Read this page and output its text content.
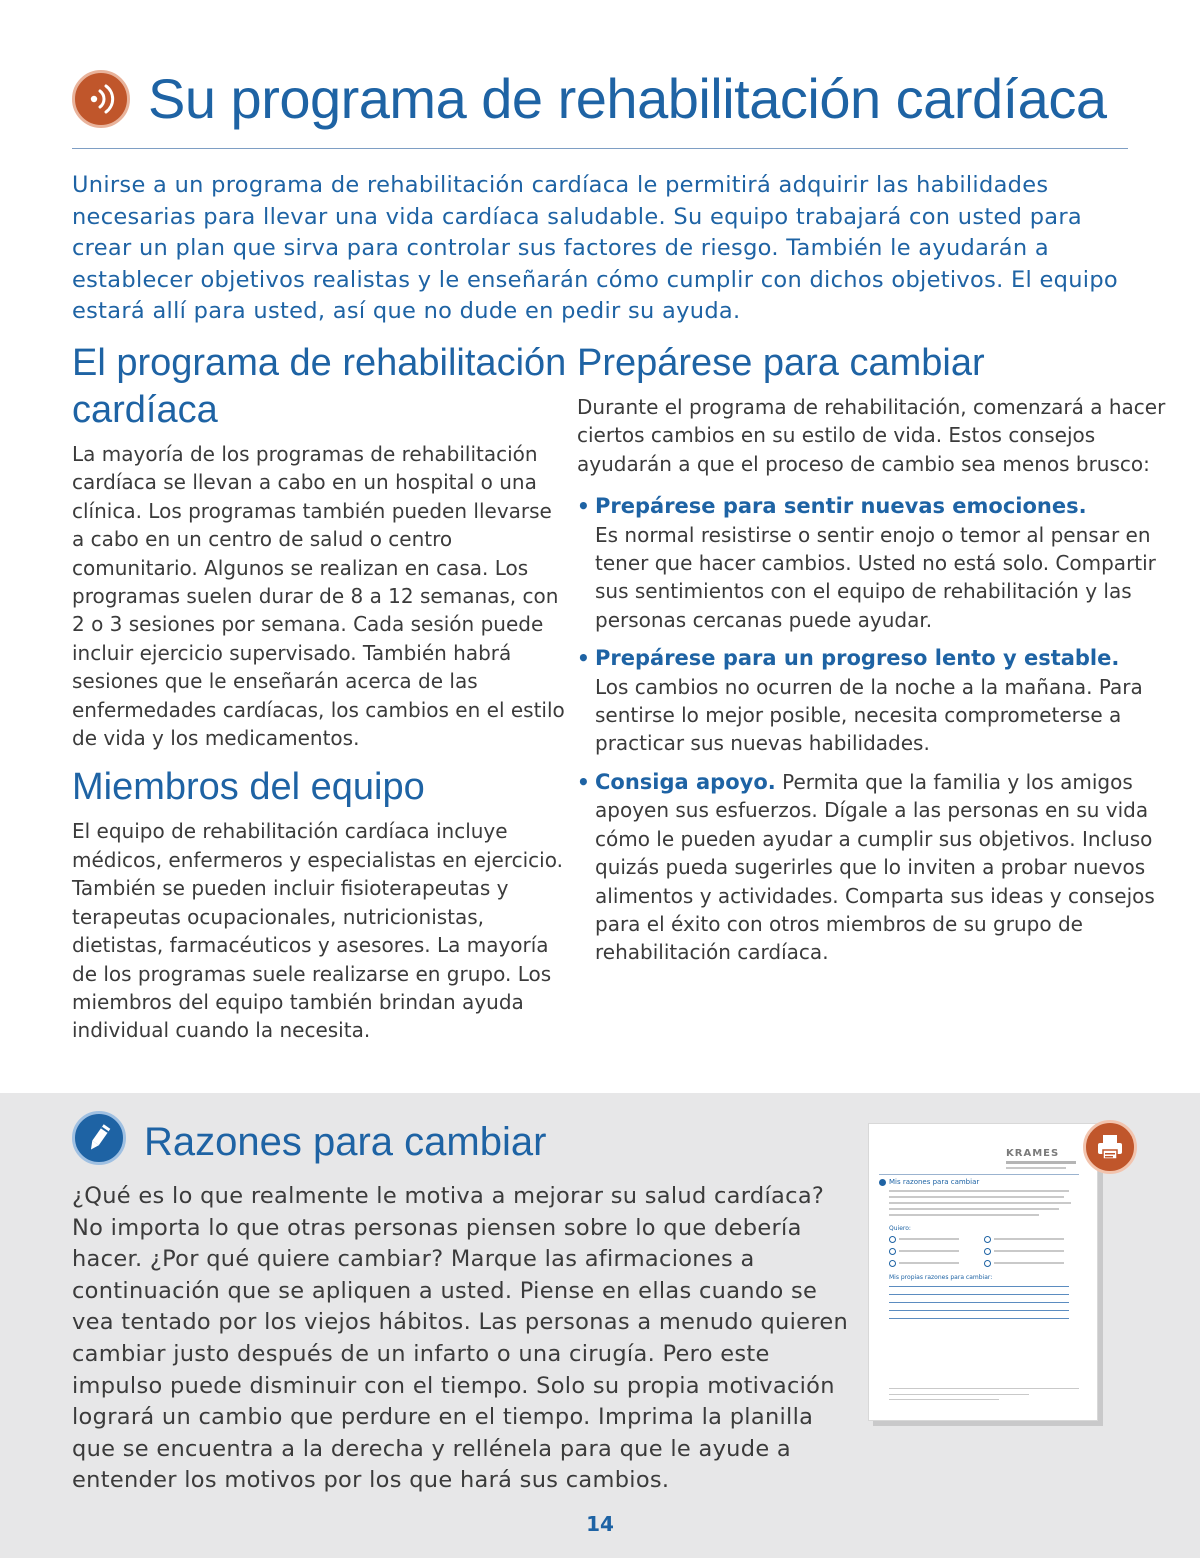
Su programa de rehabilitación cardíaca

Unirse a un programa de rehabilitación cardíaca le permitirá adquirir las habilidades necesarias para llevar una vida cardíaca saludable. Su equipo trabajará con usted para crear un plan que sirva para controlar sus factores de riesgo. También le ayudarán a establecer objetivos realistas y le enseñarán cómo cumplir con dichos objetivos. El equipo estará allí para usted, así que no dude en pedir su ayuda.

El programa de rehabilitación cardíaca

La mayoría de los programas de rehabilitación cardíaca se llevan a cabo en un hospital o una clínica. Los programas también pueden llevarse a cabo en un centro de salud o centro comunitario. Algunos se realizan en casa. Los programas suelen durar de 8 a 12 semanas, con 2 o 3 sesiones por semana. Cada sesión puede incluir ejercicio supervisado. También habrá sesiones que le enseñarán acerca de las enfermedades cardíacas, los cambios en el estilo de vida y los medicamentos.

Miembros del equipo

El equipo de rehabilitación cardíaca incluye médicos, enfermeros y especialistas en ejercicio. También se pueden incluir fisioterapeutas y terapeutas ocupacionales, nutricionistas, dietistas, farmacéuticos y asesores. La mayoría de los programas suele realizarse en grupo. Los miembros del equipo también brindan ayuda individual cuando la necesita.

Prepárese para cambiar

Durante el programa de rehabilitación, comenzará a hacer ciertos cambios en su estilo de vida. Estos consejos ayudarán a que el proceso de cambio sea menos brusco:

• Prepárese para sentir nuevas emociones.
Es normal resistirse o sentir enojo o temor al pensar en tener que hacer cambios. Usted no está solo. Compartir sus sentimientos con el equipo de rehabilitación y las personas cercanas puede ayudar.
• Prepárese para un progreso lento y estable.
Los cambios no ocurren de la noche a la mañana. Para sentirse lo mejor posible, necesita comprometerse a practicar sus nuevas habilidades.
• Consiga apoyo. Permita que la familia y los amigos apoyen sus esfuerzos. Dígale a las personas en su vida cómo le pueden ayudar a cumplir sus objetivos. Incluso quizás pueda sugerirles que lo inviten a probar nuevos alimentos y actividades. Comparta sus ideas y consejos para el éxito con otros miembros de su grupo de rehabilitación cardíaca.
Razones para cambiar

¿Qué es lo que realmente le motiva a mejorar su salud cardíaca? No importa lo que otras personas piensen sobre lo que debería hacer. ¿Por qué quiere cambiar? Marque las afirmaciones a continuación que se apliquen a usted. Piense en ellas cuando se vea tentado por los viejos hábitos. Las personas a menudo quieren cambiar justo después de un infarto o una cirugía. Pero este impulso puede disminuir con el tiempo. Solo su propia motivación logrará un cambio que perdure en el tiempo. Imprima la planilla que se encuentra a la derecha y rellénela para que le ayude a entender los motivos por los que hará sus cambios.

KRAMES
Mis razones para cambiar
Quiero:
Mis propias razones para cambiar:
14
